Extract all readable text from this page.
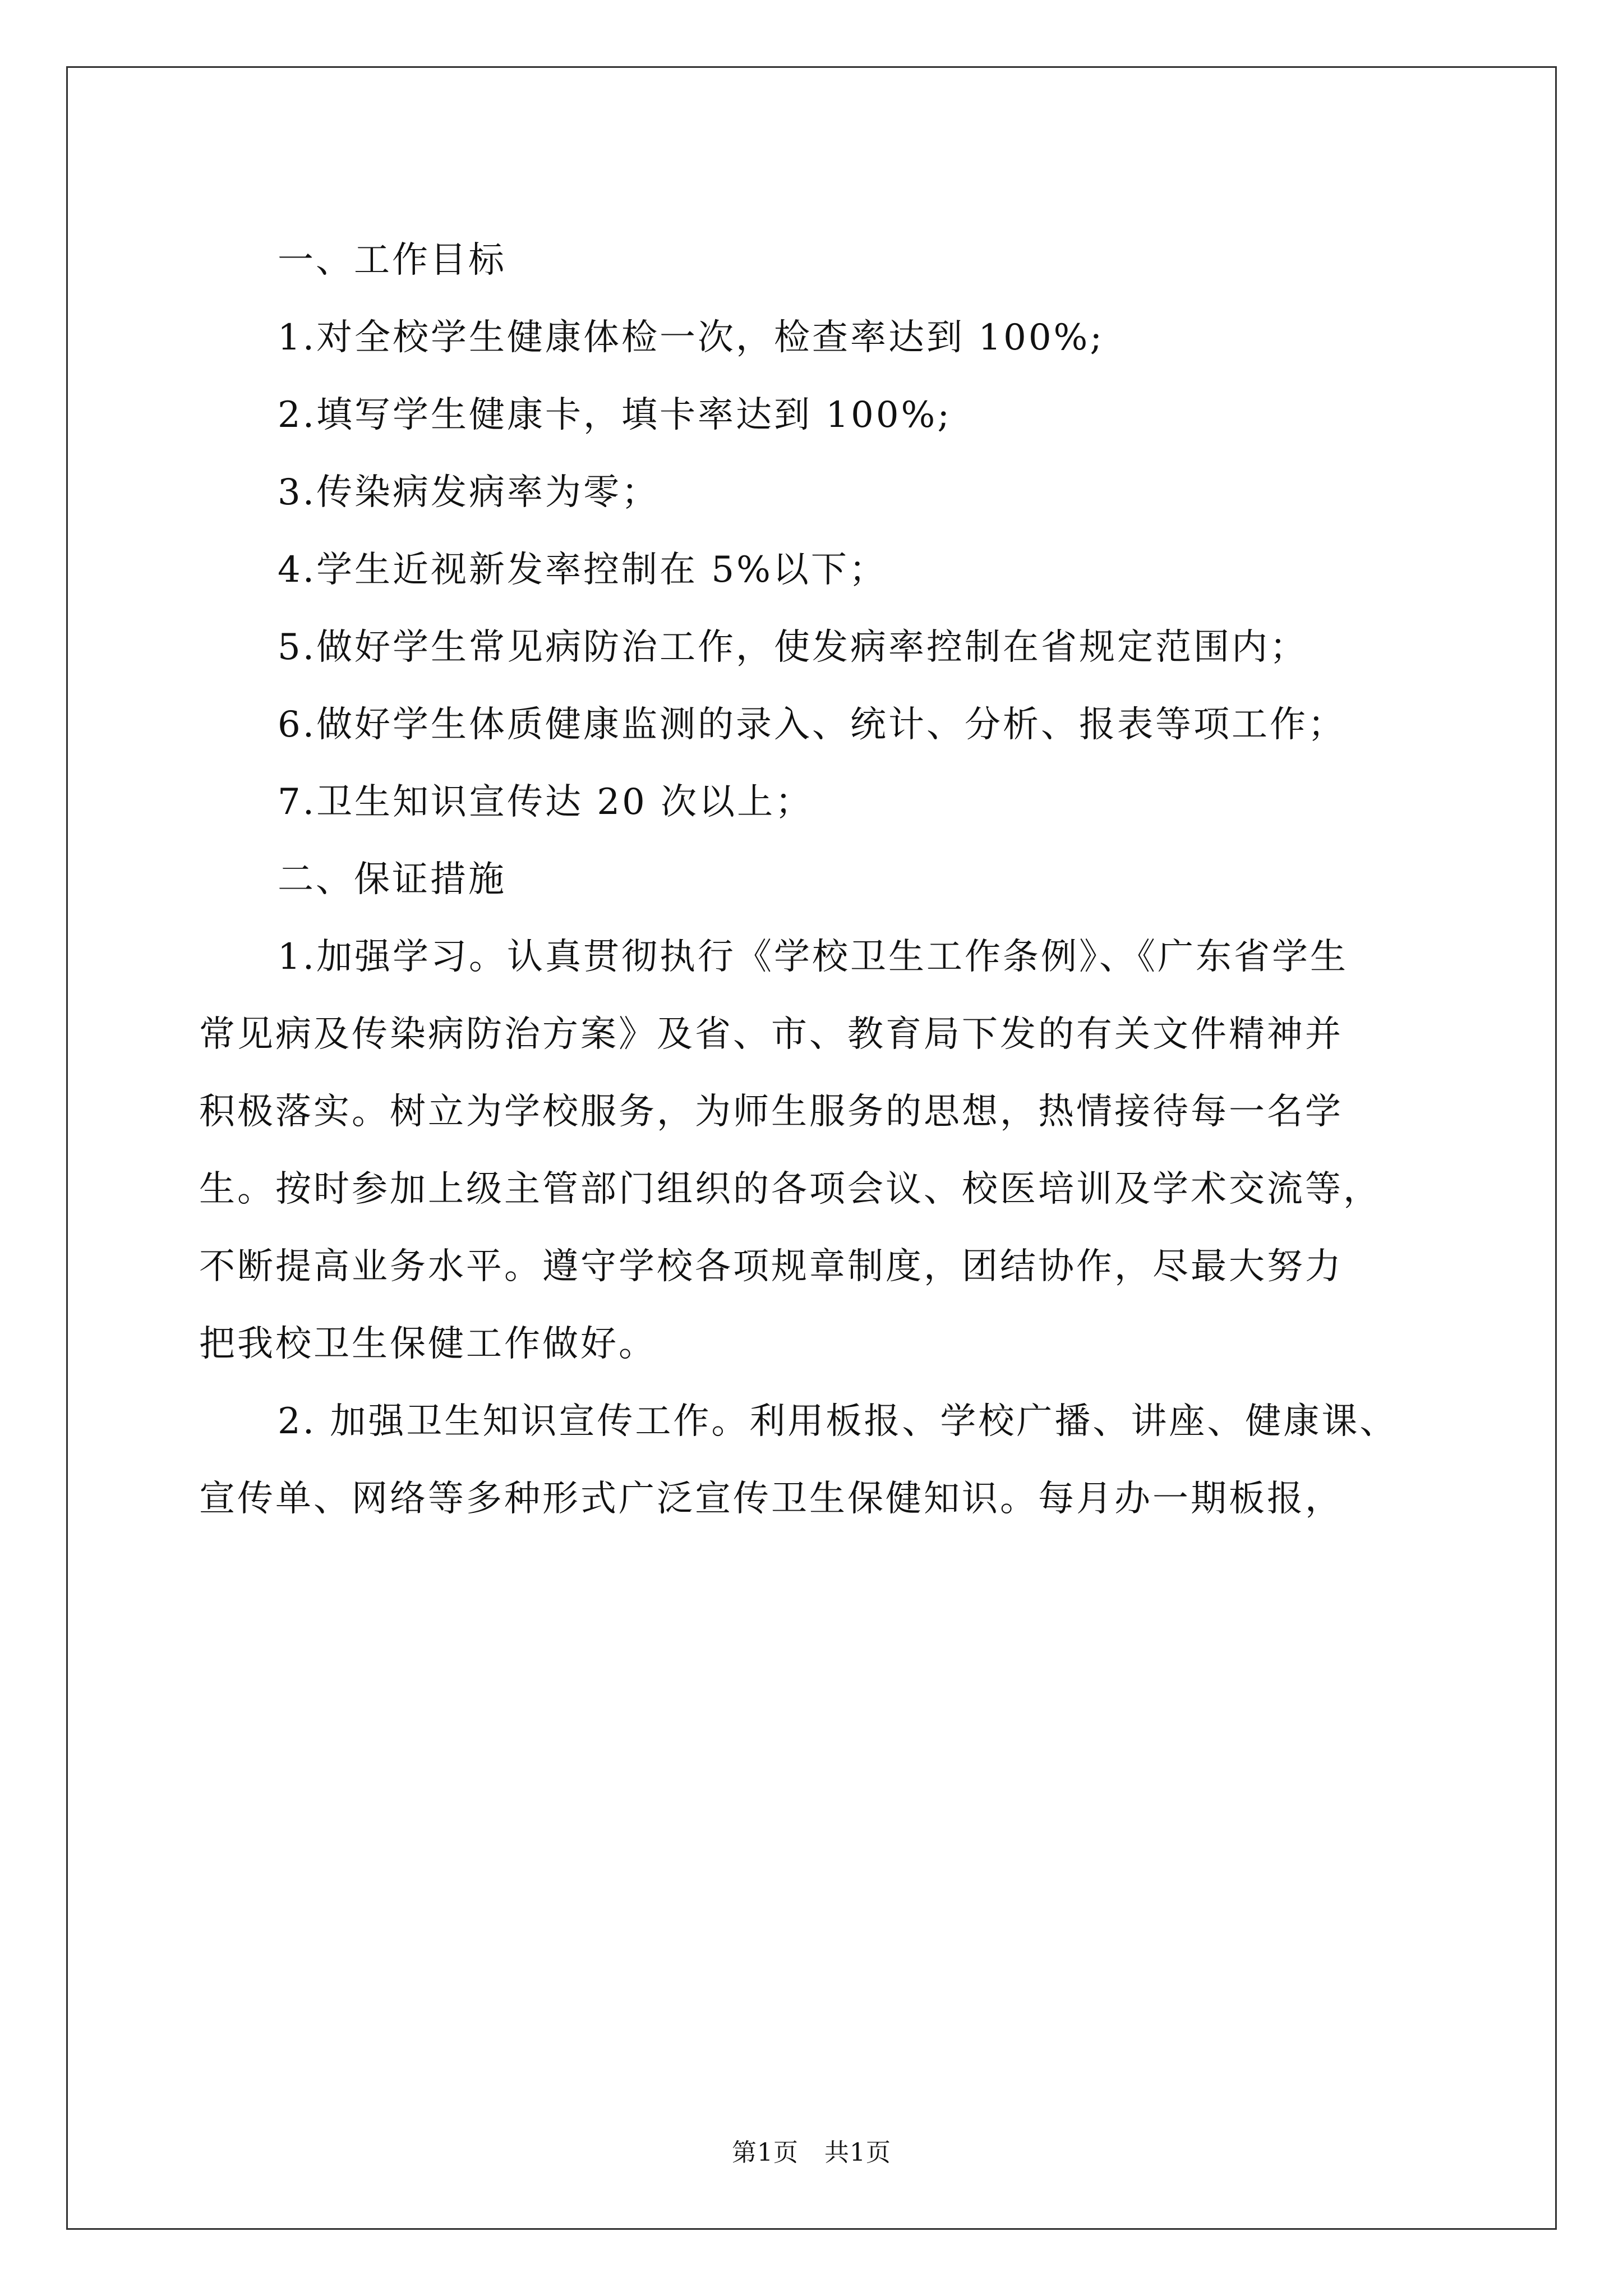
一、工作目标
1.对全校学生健康体检一次，检查率达到 100%;
2.填写学生健康卡，填卡率达到 100%;
3.传染病发病率为零；
4.学生近视新发率控制在 5%以下；
5.做好学生常见病防治工作，使发病率控制在省规定范围内；
6.做好学生体质健康监测的录入、统计、分析、报表等项工作；
7.卫生知识宣传达 20 次以上；
二、保证措施
1.加强学习。认真贯彻执行《学校卫生工作条例》、《广东省学生
常见病及传染病防治方案》及省、市、教育局下发的有关文件精神并
积极落实。树立为学校服务，为师生服务的思想，热情接待每一名学
生。按时参加上级主管部门组织的各项会议、校医培训及学术交流等，
不断提高业务水平。遵守学校各项规章制度，团结协作，尽最大努力
把我校卫生保健工作做好。
2. 加强卫生知识宣传工作。利用板报、学校广播、讲座、健康课、
宣传单、网络等多种形式广泛宣传卫生保健知识。每月办一期板报，
第1页 共1页
